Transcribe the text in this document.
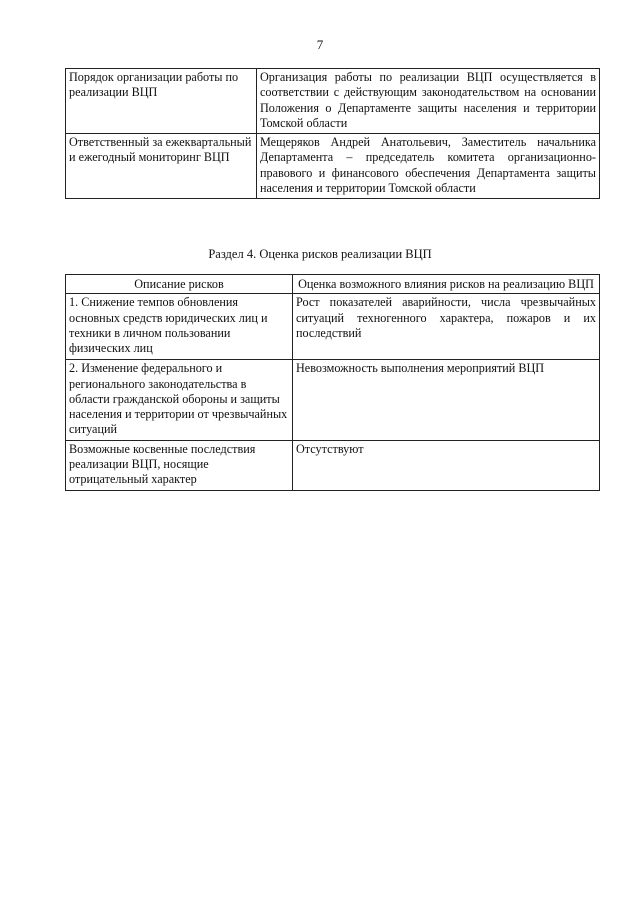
7
Порядок организации работы по реализации ВЦП	Организация работы по реализации ВЦП осуществляется в соответствии с действующим законодательством на основании Положения о Департаменте защиты населения и территории Томской области
Ответственный за ежеквартальный и ежегодный мониторинг ВЦП	Мещеряков Андрей Анатольевич, Заместитель начальника Департамента – председатель комитета организационно-правового и финансового обеспечения Департамента защиты населения и территории Томской области
Раздел 4. Оценка рисков реализации ВЦП
Описание рисков	Оценка возможного влияния рисков на реализацию ВЦП
1. Снижение темпов обновления основных средств юридических лиц и техники в личном пользовании физических лиц	Рост показателей аварийности, числа чрезвычайных ситуаций техногенного характера, пожаров и их последствий
2. Изменение федерального и регионального законодательства в области гражданской обороны и защиты населения и территории от чрезвычайных ситуаций	Невозможность выполнения мероприятий ВЦП
Возможные косвенные последствия реализации ВЦП, носящие отрицательный характер	Отсутствуют
